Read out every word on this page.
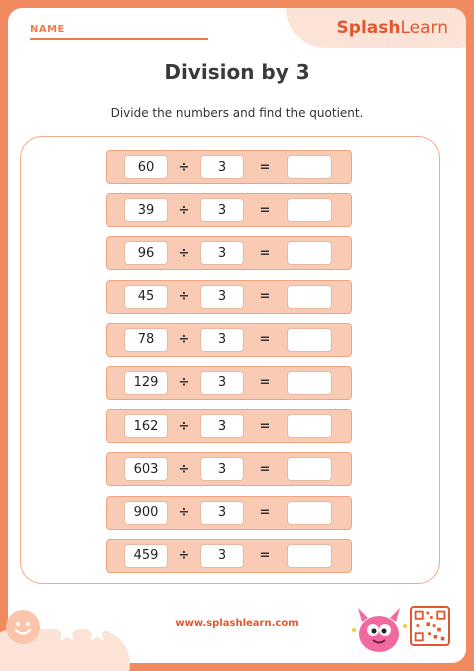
NAME	SplashLearn
Division by 3
Divide the numbers and find the quotient.
60	÷	3	=
39	÷	3	=
96	÷	3	=
45	÷	3	=
78	÷	3	=
129	÷	3	=
162	÷	3	=
603	÷	3	=
900	÷	3	=
459	÷	3	=
www.splashlearn.com
